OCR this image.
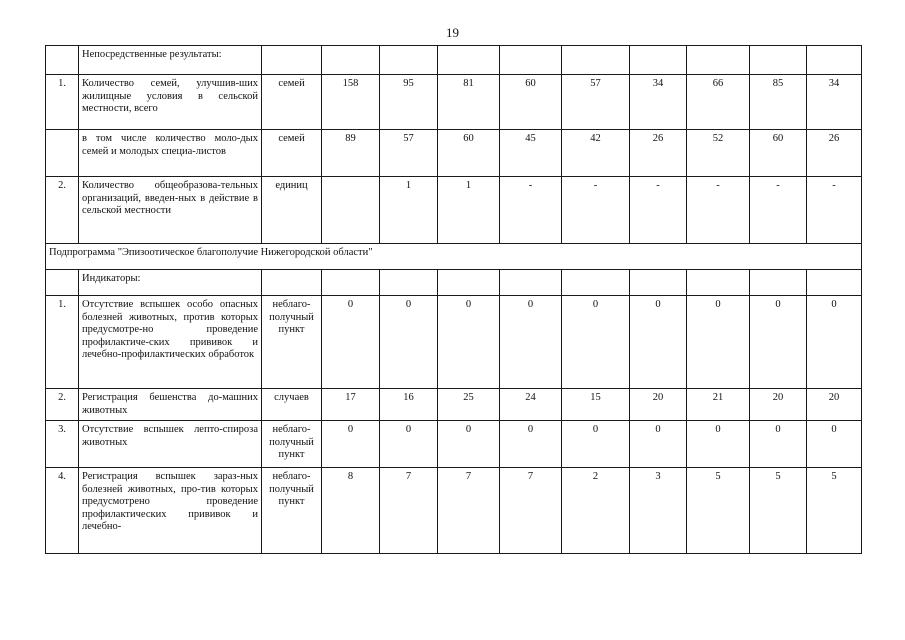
19
	Непосредственные результаты:										
1.	Количество семей, улучшив-ших жилищные условия в сельской местности, всего	семей	158	95	81	60	57	34	66	85	34
	в том числе количество моло-дых семей и молодых специа-листов	семей	89	57	60	45	42	26	52	60	26
2.	Количество общеобразова-тельных организаций, введен-ных в действие в сельской местности	единиц		1	1	-	-	-	-	-	-
Подпрограмма "Эпизоотическое благополучие Нижегородской области"											
	Индикаторы:										
1.	Отсутствие вспышек особо опасных болезней животных, против которых предусмотре-но проведение профилактиче-ских прививок и лечебно-профилактических обработок	неблаго-получный пункт	0	0	0	0	0	0	0	0	0
2.	Регистрация бешенства до-машних животных	случаев	17	16	25	24	15	20	21	20	20
3.	Отсутствие вспышек лепто-спироза животных	неблаго-получный пункт	0	0	0	0	0	0	0	0	0
4.	Регистрация вспышек зараз-ных болезней животных, про-тив которых предусмотрено проведение профилактических прививок и лечебно-	неблаго-получный пункт	8	7	7	7	2	3	5	5	5
